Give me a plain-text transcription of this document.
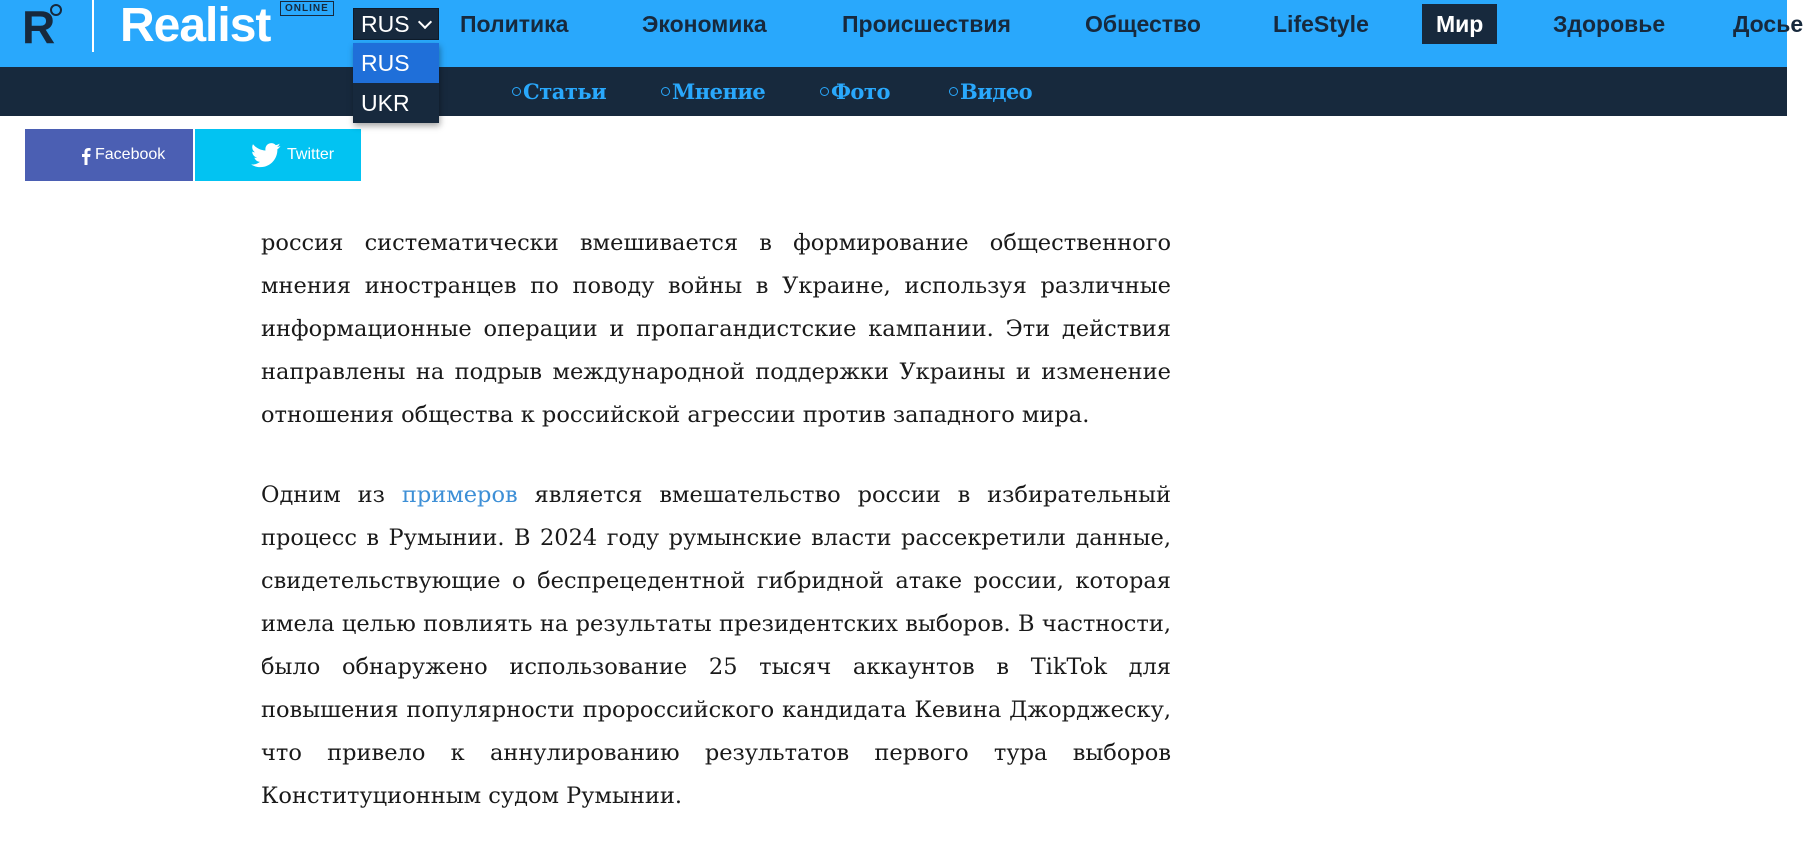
R Realist	ONLINE
Политика	Экономика	Происшествия	Общество	LifeStyle	Мир	Здоровье	Досье
Статьи	Мнение	Фото	Видео
RUS
RUS
UKR
Facebook	Twitter

россия систематически вмешивается в формирование общественного мнения иностранцев по поводу войны в Украине, используя различные информационные операции и пропагандистские кампании. Эти действия направлены на подрыв международной поддержки Украины и изменение отношения общества к российской агрессии против западного мира.

Одним из примеров является вмешательство россии в избирательный процесс в Румынии. В 2024 году румынские власти рассекретили данные, свидетельствующие о беспрецедентной гибридной атаке россии, которая имела целью повлиять на результаты президентских выборов. В частности, было обнаружено использование 25 тысяч аккаунтов в TikTok для повышения популярности пророссийского кандидата Кевина Джорджеску, что привело к аннулированию результатов первого тура выборов Конституционным судом Румынии.
